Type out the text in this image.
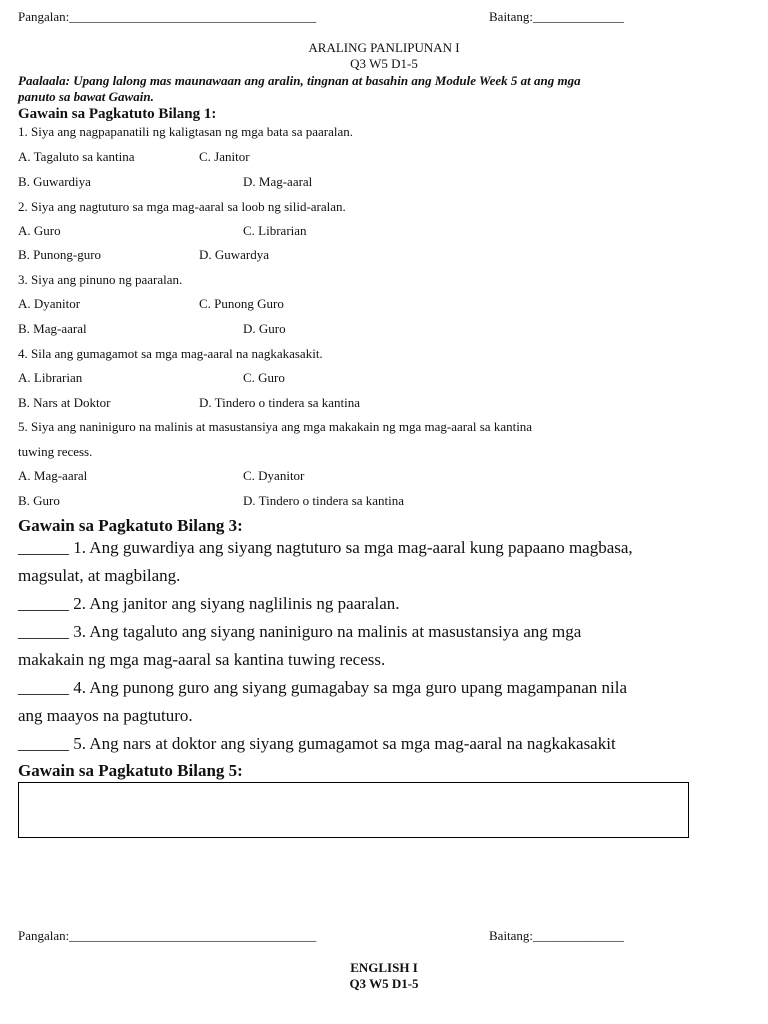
Pangalan:______________________________________	Baitang:______________
ARALING PANLIPUNAN I
Q3 W5 D1-5
Paalaala: Upang lalong mas maunawaan ang aralin, tingnan at basahin ang Module Week 5 at ang mga
panuto sa bawat Gawain.
Gawain sa Pagkatuto Bilang 1:
1. Siya ang nagpapanatili ng kaligtasan ng mga bata sa paaralan.
A. Tagaluto sa kantina	C. Janitor
B. Guwardiya	D. Mag-aaral
2. Siya ang nagtuturo sa mga mag-aaral sa loob ng silid-aralan.
A. Guro	C. Librarian
B. Punong-guro	D. Guwardya
3. Siya ang pinuno ng paaralan.
A. Dyanitor	C. Punong Guro
B. Mag-aaral	D. Guro
4. Sila ang gumagamot sa mga mag-aaral na nagkakasakit.
A. Librarian	C. Guro
B. Nars at Doktor	D. Tindero o tindera sa kantina
5. Siya ang naniniguro na malinis at masustansiya ang mga makakain ng mga mag-aaral sa kantina
tuwing recess.
A. Mag-aaral	C. Dyanitor
B. Guro	D. Tindero o tindera sa kantina
Gawain sa Pagkatuto Bilang 3:
______ 1. Ang guwardiya ang siyang nagtuturo sa mga mag-aaral kung papaano magbasa,
magsulat, at magbilang.
______ 2. Ang janitor ang siyang naglilinis ng paaralan.
______ 3. Ang tagaluto ang siyang naniniguro na malinis at masustansiya ang mga
makakain ng mga mag-aaral sa kantina tuwing recess.
______ 4. Ang punong guro ang siyang gumagabay sa mga guro upang magampanan nila
ang maayos na pagtuturo.
______ 5. Ang nars at doktor ang siyang gumagamot sa mga mag-aaral na nagkakasakit
Gawain sa Pagkatuto Bilang 5:
Pangalan:______________________________________	Baitang:______________
ENGLISH I
Q3 W5 D1-5
